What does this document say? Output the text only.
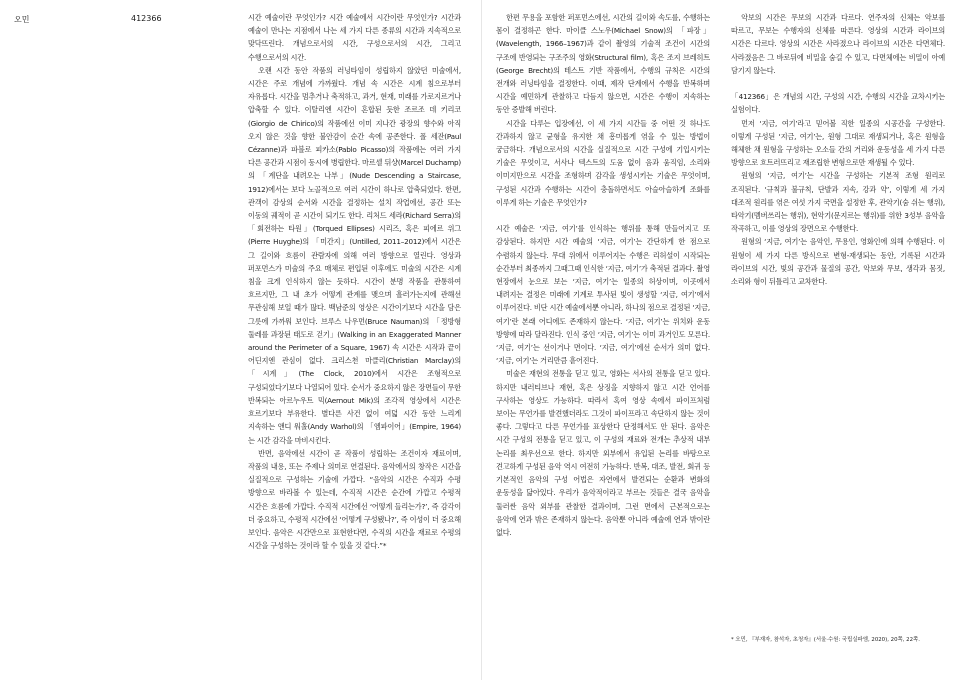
오민	412366	시간 예술이란 무엇인가? 시간 예술에서 시간이란 무엇인가? 시간과 예술이 만나는 지점에서 나는 세 가지 다른 종류의 시간과 지속적으로 맞닥뜨린다. 개념으로서의 시간, 구성으로서의 시간, 그리고 수행으로서의 시간.

오랜 시간 동안 작품의 러닝타임이 성립하지 않았던 미술에서, 시간은 주로 개념에 가까웠다. 개념 속 시간은 시계 침으로부터 자유롭다. 시간을 멈추거나 축적하고, 과거, 현재, 미래를 가로지르거나 압축할 수 있다. 이탈리엔 시간이 혼합된 듯한 조르조 데 키리코(Giorgio de Chirico)의 작품에선 이미 지나간 광장의 향수와 아직 오지 않은 것을 향한 불안감이 순간 속에 공존한다. 폴 세잔(Paul Cézanne)과 파블로 피카소(Pablo Picasso)의 작품에는 여러 가지 다른 공간과 시점이 동시에 병립한다. 마르셀 뒤샹(Marcel Duchamp)의 「계단을 내려오는 나부」(Nude Descending a Staircase, 1912)에서는 보다 노골적으로 여러 시간이 하나로 압축되었다. 한편, 관객이 감상의 순서와 시간을 결정하는 설치 작업에선, 공간 또는 이동의 궤적이 곧 시간이 되기도 한다. 리처드 세라(Richard Serra)의 「회전하는 타원」(Torqued Ellipses) 시리즈, 혹은 피에르 위그(Pierre Huyghe)의 「미간지」(Untilled, 2011–2012)에서 시간은 그 길이와 흐름이 관람자에 의해 여러 방향으로 열린다. 영상과 퍼포먼스가 미술의 주요 매체로 편입된 이후에도 미술의 시간은 시계 침을 크게 인식하지 않는 듯하다. 시간이 분명 작품을 관통하여 흐르지만, 그 내 초가 어떻게 관계를 맺으며 흘러가는지에 관해선 무관심해 보일 때가 많다. 백남준의 영상은 시간이기보다 시간을 담은 그릇에 가까워 보인다. 브루스 나우먼(Bruce Nauman)의 「정방형 둘레를 과장된 태도로 걷기」(Walking in an Exaggerated Manner around the Perimeter of a Square, 1967) 속 시간은 시작과 끝이 어딘지엔 관심이 없다. 크리스천 마클리(Christian Marclay)의 「시계」(The Clock, 2010)에서 시간은 조형적으로 구성되었다기보다 나열되어 있다. 순서가 중요하지 않은 장면들이 무한 반복되는 아르누우트 믹(Aernout Mik)의 조각적 영상에서 시간은 흐르기보다 부유한다. 별다른 사건 없이 여덟 시간 동안 느리게 지속하는 앤디 워홀(Andy Warhol)의 「엠파이어」(Empire, 1964)는 시간 감각을 마비시킨다.

반면, 음악에선 시간이 곧 작품이 성립하는 조건이자 재료이며, 작품의 내용, 또는 주제나 의미로 연결된다. 음악에서의 창작은 시간을 실질적으로 구성하는 기술에 가깝다. “음악의 시간은 수직과 수평 방향으로 바라볼 수 있는데, 수직적 시간은 순간에 가깝고 수평적 시간은 흐름에 가깝다. 수직적 시간에선 ‘어떻게 들리는가?’, 즉 감각이 더 중요하고, 수평적 시간에선 ‘어떻게 구성됐나?’, 즉 이성이 더 중요해 보인다. 음악은 시간만으로 표현한다면, 수직의 시간을 재료로 수평의 시간을 구성하는 것이라 할 수 있을 것 같다.”*

한편 무용을 포함한 퍼포먼스에선, 시간의 길이와 속도를, 수행하는 몸이 결정하곤 한다. 마이클 스노우(Michael Snow)의 「파장」(Wavelength, 1966–1967)과 같이 촬영의 기술적 조건이 시간의 구조에 반영되는 구조주의 영화(Structural film), 혹은 조지 브레히트(George Brecht)의 테스트 기반 작품에서, 수행의 규칙은 시간의 전개와 러닝타임을 결정한다. 이때, 제작 단계에서 수행을 반복하며 시간을 예민하게 관찰하고 다듬지 않으면, 시간은 수행이 지속하는 동안 증발해 버린다.

시간을 다루는 입장에선, 이 세 가지 시간들 중 어떤 것 하나도 간과하지 않고 균형을 유지한 채 흥미롭게 엮을 수 있는 방법이 궁금하다. 개념으로서의 시간을 실질적으로 시간 구성에 기입시키는 기술은 무엇이고, 서사나 텍스트의 도움 없이 음과 움직임, 소리와 이미지만으로 시간을 조형하며 감각을 생성시키는 기술은 무엇이며, 구성된 시간과 수행하는 시간이 충돌하면서도 아슬아슬하게 조화를 이루게 하는 기술은 무엇인가?

시간 예술은 ‘지금, 여기’를 인식하는 행위를 통해 만들어지고 또 감상된다. 하지만 시간 예술의 ‘지금, 여기’는 간단하게 한 점으로 수렴하지 않는다. 무대 위에서 이루어지는 수행은 리허설이 시작되는 순간부터 최종까지 그때그때 인식한 ‘지금, 여기’가 축적된 결과다. 촬영 현장에서 눈으로 보는 ‘지금, 여기’는 일종의 허상이며, 이곳에서 내려지는 결정은 미래에 기계로 투사된 빛이 생성할 ‘지금, 여기’에서 이루어진다. 비단 시간 예술에서뿐 아니라, 하나의 점으로 결정된 ‘지금, 여기’란 본래 어디에도 존재하지 않는다. ‘지금, 여기’는 위치와 운동 방향에 따라 달라진다. 인식 중인 ‘지금, 여기’는 이미 과거인도 모른다. ‘지금, 여기’는 선이거나 면이다. ‘지금, 여기’에선 순서가 의미 없다. ‘지금, 여기’는 거리만큼 흩어진다.

미술은 재현의 전통을 딛고 있고, 영화는 서사의 전통을 딛고 있다. 하지만 내러티브나 재현, 혹은 상징을 지향하지 않고 시간 언어를 구사하는 영상도 가능하다. 따라서 혹여 영상 속에서 파이프처럼 보이는 무언가를 발견했더라도 그것이 파이프라고 속단하지 않는 것이 좋다. 그렇다고 다른 무언가를 표상한다 단정해서도 안 된다. 음악은 시간 구성의 전통을 딛고 있고, 이 구성의 재료와 전개는 추상적 내부 논리를 최우선으로 한다. 하지만 외부에서 유입된 논리를 바탕으로 견고하게 구성된 음악 역시 여전히 가능하다. 반복, 대조, 발전, 회귀 등 기본적인 음악의 구성 어법은 자연에서 발견되는 순환과 변화의 운동성을 닮아있다. 우리가 음악적이라고 부르는 것들은 결국 음악을 둘러싼 음악 외부를 관찰한 결과이며, 그런 면에서 근본적으로는 음악에 연과 밖은 존재하지 않는다. 음악뿐 아니라 예술에 연과 밖이란 없다.

악보의 시간은 무보의 시간과 다르다. 연주자의 신체는 악보를 따르고, 무보는 수행자의 신체를 따른다. 영상의 시간과 라이브의 시간은 다르다. 영상의 시간은 사라졌으나 라이브의 시간은 다면체다. 사라졌음은 그 바로뒤에 비밀을 숨길 수 있고, 다면체에는 비밀이 아예 담기지 않는다.

「412366」은 개념의 시간, 구성의 시간, 수행의 시간을 교차시키는 실험이다.

먼저 ‘지금, 여기’라고 믿어볼 직한 일종의 시공간을 구성한다. 이렇게 구성된 ‘지금, 여기’는, 원형 그대로 재생되거나, 혹은 원형을 해체한 채 원형을 구성하는 오소들 간의 거리와 운동성을 세 가지 다른 방향으로 흐트러뜨리고 재조립한 변형으로만 재생될 수 있다.

원형의 ‘지금, 여기’는 시간을 구성하는 기본적 조형 원리로 조직된다. ‘규칙과 불규칙, 단발과 지속, 강과 약’, 이렇게 세 가지 대조적 원리를 엮은 여섯 가지 국면을 설정한 후, 관악기(숨 쉬는 행위), 타악기(멤버쓰리는 행위), 현악기(문지르는 행위)를 위한 3성부 음악을 작곡하고, 이를 영상의 장면으로 수행한다.

원형의 ‘지금, 여기’는 음악인, 무용인, 영화인에 의해 수행된다. 이 원형이 세 가지 다른 방식으로 변형-재생되는 동안, 기록된 시간과 라이브의 시간, 빛의 공간과 물질의 공간, 악보와 무보, 생각과 몸짓, 소리와 형이 뒤틀리고 교차한다.

* 오민, 『부재자, 참석자, 초청자』(서울·수원: 국립실파엠, 2020), 20쪽, 22쪽.
